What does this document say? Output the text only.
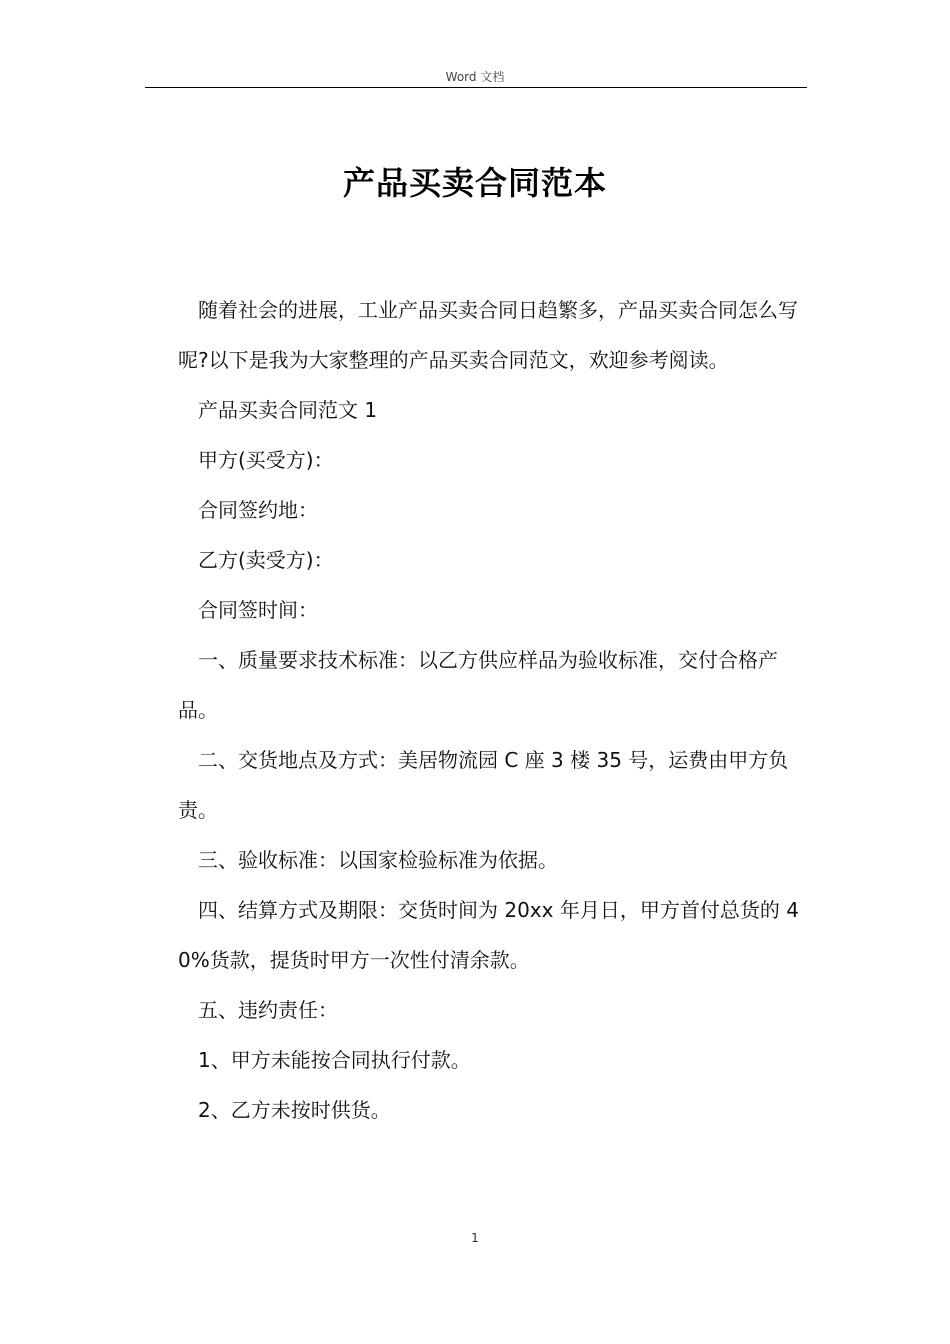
Word 文档
产品买卖合同范本

随着社会的进展，工业产品买卖合同日趋繁多，产品买卖合同怎么写呢?以下是我为大家整理的产品买卖合同范文，欢迎参考阅读。

产品买卖合同范文 1

甲方(买受方)：

合同签约地：

乙方(卖受方)：

合同签时间：

一、质量要求技术标准：以乙方供应样品为验收标准，交付合格产品。

二、交货地点及方式：美居物流园 C 座 3 楼 35 号，运费由甲方负责。

三、验收标准：以国家检验标准为依据。

四、结算方式及期限：交货时间为 20xx 年月日，甲方首付总货的 40%货款，提货时甲方一次性付清余款。

五、违约责任：

1、甲方未能按合同执行付款。

2、乙方未按时供货。

1
